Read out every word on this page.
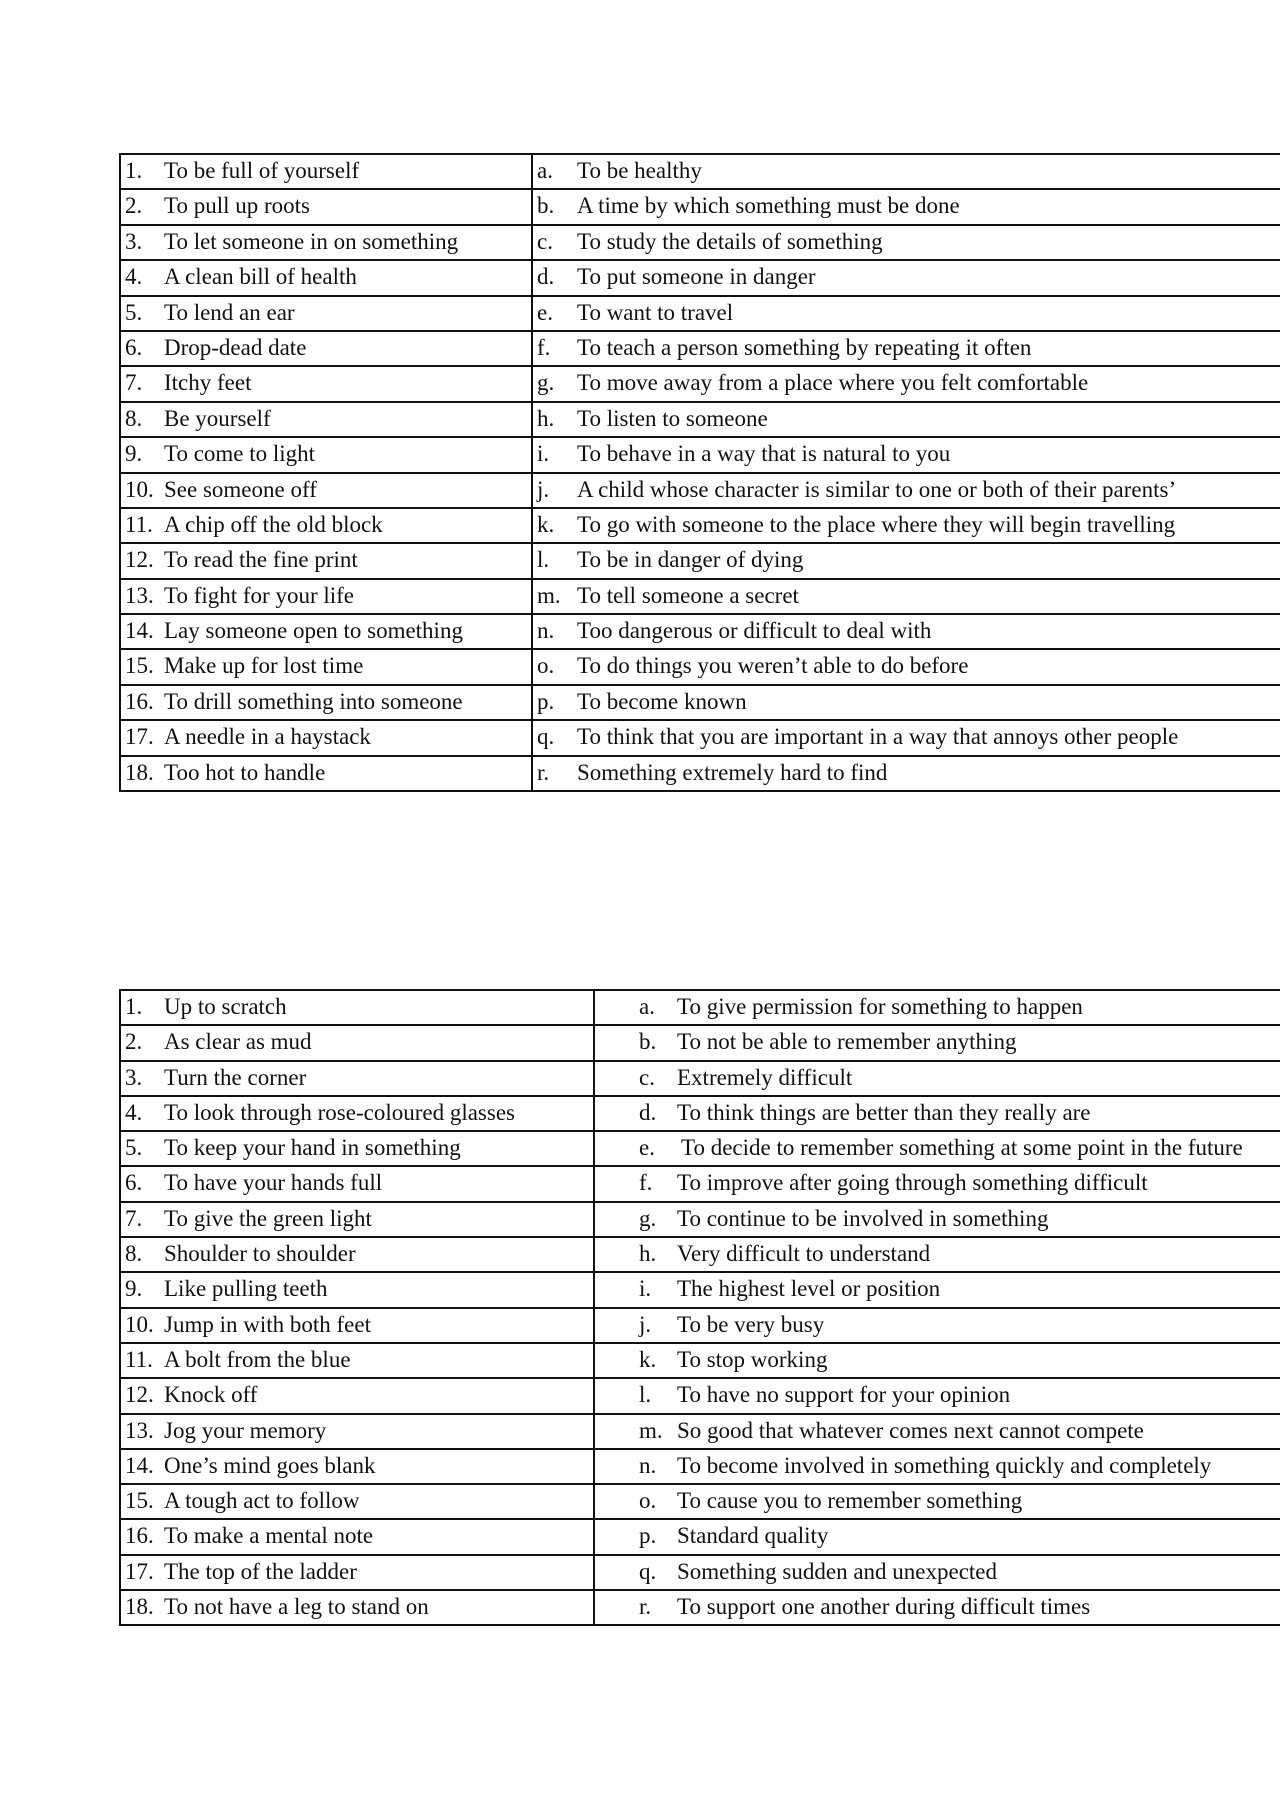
1. To be full of yourself	a. To be healthy
2. To pull up roots	b. A time by which something must be done
3. To let someone in on something	c. To study the details of something
4. A clean bill of health	d. To put someone in danger
5. To lend an ear	e. To want to travel
6. Drop-dead date	f. To teach a person something by repeating it often
7. Itchy feet	g. To move away from a place where you felt comfortable
8. Be yourself	h. To listen to someone
9. To come to light	i. To behave in a way that is natural to you
10. See someone off	j. A child whose character is similar to one or both of their parents’
11. A chip off the old block	k. To go with someone to the place where they will begin travelling
12. To read the fine print	l. To be in danger of dying
13. To fight for your life	m. To tell someone a secret
14. Lay someone open to something	n. Too dangerous or difficult to deal with
15. Make up for lost time	o. To do things you weren’t able to do before
16. To drill something into someone	p. To become known
17. A needle in a haystack	q. To think that you are important in a way that annoys other people
18. Too hot to handle	r. Something extremely hard to find
1. Up to scratch	a. To give permission for something to happen
2. As clear as mud	b. To not be able to remember anything
3. Turn the corner	c. Extremely difficult
4. To look through rose-coloured glasses	d. To think things are better than they really are
5. To keep your hand in something	e. To decide to remember something at some point in the future

6. To have your hands full	f. To improve after going through something difficult
7. To give the green light	g. To continue to be involved in something
8. Shoulder to shoulder	h. Very difficult to understand
9. Like pulling teeth	i. The highest level or position
10. Jump in with both feet	j. To be very busy
11. A bolt from the blue	k. To stop working
12. Knock off	l. To have no support for your opinion
13. Jog your memory	m. So good that whatever comes next cannot compete
14. One’s mind goes blank	n. To become involved in something quickly and completely
15. A tough act to follow	o. To cause you to remember something
16. To make a mental note	p. Standard quality
17. The top of the ladder	q. Something sudden and unexpected
18. To not have a leg to stand on	r. To support one another during difficult times
